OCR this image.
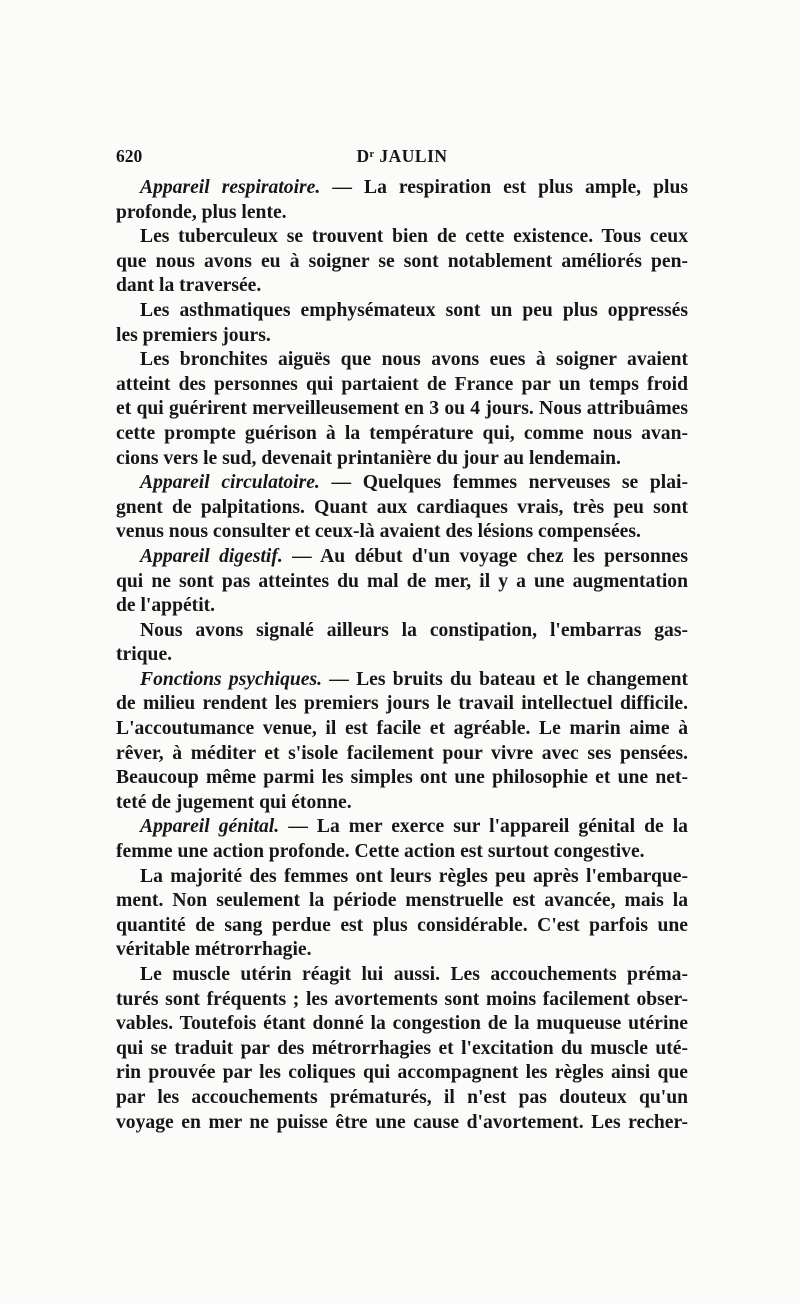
620	Dʳ JAULIN
Appareil respiratoire. — La respiration est plus ample, plus
profonde, plus lente.
Les tuberculeux se trouvent bien de cette existence. Tous ceux
que nous avons eu à soigner se sont notablement améliorés pen-
dant la traversée.
Les asthmatiques emphysémateux sont un peu plus oppressés
les premiers jours.
Les bronchites aiguës que nous avons eues à soigner avaient
atteint des personnes qui partaient de France par un temps froid
et qui guérirent merveilleusement en 3 ou 4 jours. Nous attribuâmes
cette prompte guérison à la température qui, comme nous avan-
cions vers le sud, devenait printanière du jour au lendemain.
Appareil circulatoire. — Quelques femmes nerveuses se plai-
gnent de palpitations. Quant aux cardiaques vrais, très peu sont
venus nous consulter et ceux-là avaient des lésions compensées.
Appareil digestif. — Au début d'un voyage chez les personnes
qui ne sont pas atteintes du mal de mer, il y a une augmentation
de l'appétit.
Nous avons signalé ailleurs la constipation, l'embarras gas-
trique.
Fonctions psychiques. — Les bruits du bateau et le changement
de milieu rendent les premiers jours le travail intellectuel difficile.
L'accoutumance venue, il est facile et agréable. Le marin aime à
rêver, à méditer et s'isole facilement pour vivre avec ses pensées.
Beaucoup même parmi les simples ont une philosophie et une net-
teté de jugement qui étonne.
Appareil génital. — La mer exerce sur l'appareil génital de la
femme une action profonde. Cette action est surtout congestive.
La majorité des femmes ont leurs règles peu après l'embarque-
ment. Non seulement la période menstruelle est avancée, mais la
quantité de sang perdue est plus considérable. C'est parfois une
véritable métrorrhagie.
Le muscle utérin réagit lui aussi. Les accouchements préma-
turés sont fréquents ; les avortements sont moins facilement obser-
vables. Toutefois étant donné la congestion de la muqueuse utérine
qui se traduit par des métrorrhagies et l'excitation du muscle uté-
rin prouvée par les coliques qui accompagnent les règles ainsi que
par les accouchements prématurés, il n'est pas douteux qu'un
voyage en mer ne puisse être une cause d'avortement. Les recher-
